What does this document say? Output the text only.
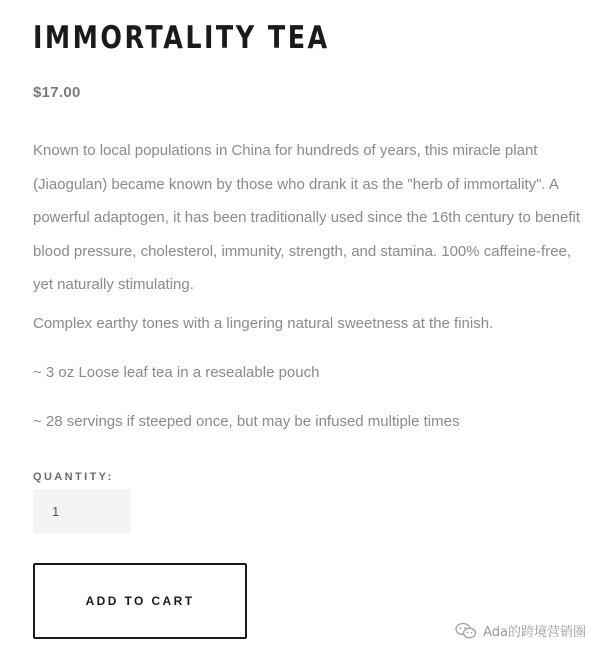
IMMORTALITY TEA
$17.00

Known to local populations in China for hundreds of years, this miracle plant (Jiaogulan) became known by those who drank it as the "herb of immortality". A powerful adaptogen, it has been traditionally used since the 16th century to benefit blood pressure, cholesterol, immunity, strength, and stamina. 100% caffeine-free, yet naturally stimulating.

Complex earthy tones with a lingering natural sweetness at the finish.

~ 3 oz Loose leaf tea in a resealable pouch

~ 28 servings if steeped once, but may be infused multiple times

QUANTITY:
1
ADD TO CART
Ada的跨境营销圈
